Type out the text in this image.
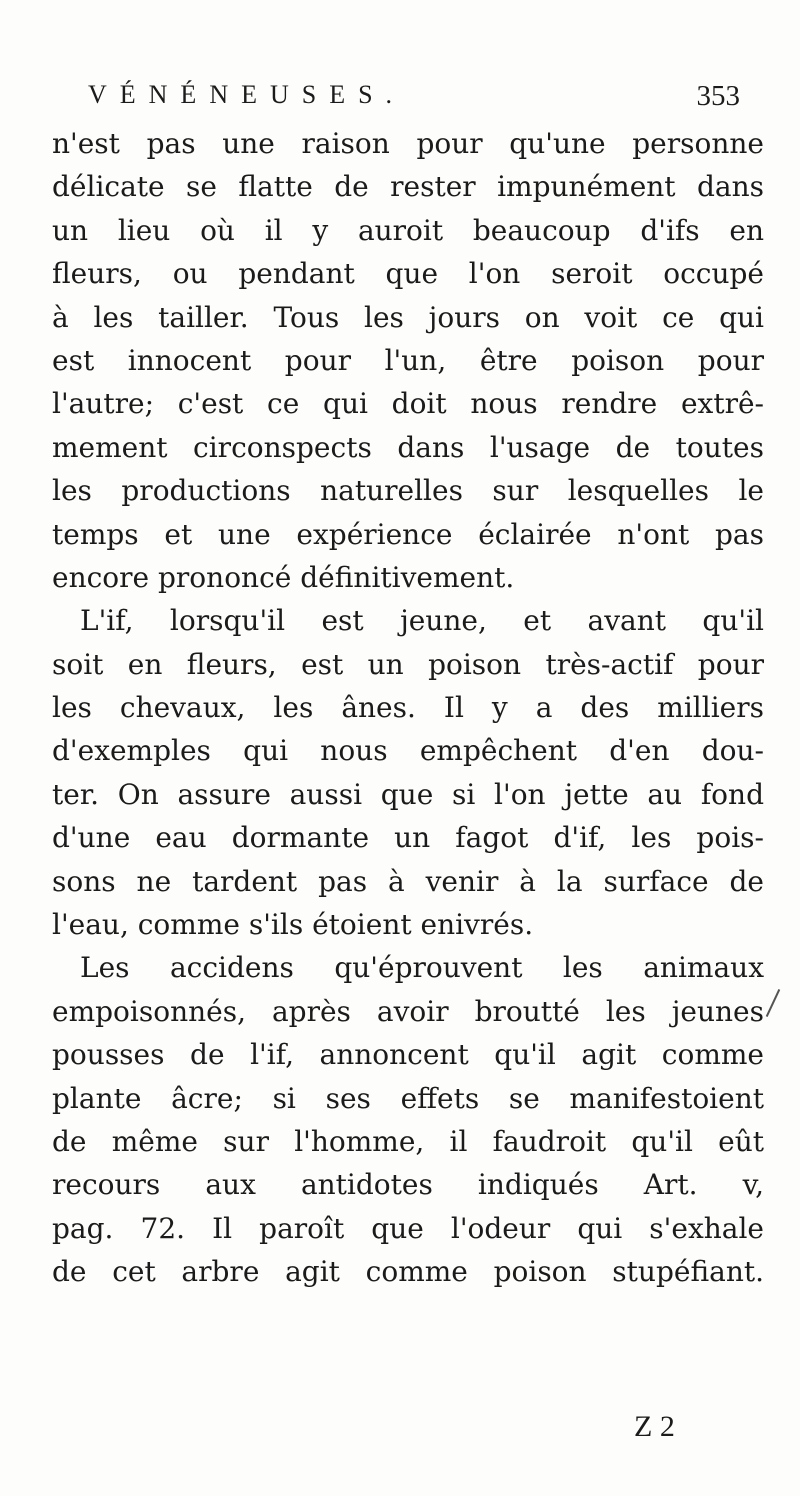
VÉNÉNEUSES.	353
n'est pas une raison pour qu'une personne
délicate se flatte de rester impunément dans
un lieu où il y auroit beaucoup d'ifs en
fleurs, ou pendant que l'on seroit occupé
à les tailler. Tous les jours on voit ce qui
est innocent pour l'un, être poison pour
l'autre; c'est ce qui doit nous rendre extrê-
mement circonspects dans l'usage de toutes
les productions naturelles sur lesquelles le
temps et une expérience éclairée n'ont pas
encore prononcé définitivement.
L'if, lorsqu'il est jeune, et avant qu'il
soit en fleurs, est un poison très-actif pour
les chevaux, les ânes. Il y a des milliers
d'exemples qui nous empêchent d'en dou-
ter. On assure aussi que si l'on jette au fond
d'une eau dormante un fagot d'if, les pois-
sons ne tardent pas à venir à la surface de
l'eau, comme s'ils étoient enivrés.
Les accidens qu'éprouvent les animaux
empoisonnés, après avoir broutté les jeunes
pousses de l'if, annoncent qu'il agit comme
plante âcre; si ses effets se manifestoient
de même sur l'homme, il faudroit qu'il eût
recours aux antidotes indiqués Art. v,
pag. 72. Il paroît que l'odeur qui s'exhale
de cet arbre agit comme poison stupéfiant.
Z 2
